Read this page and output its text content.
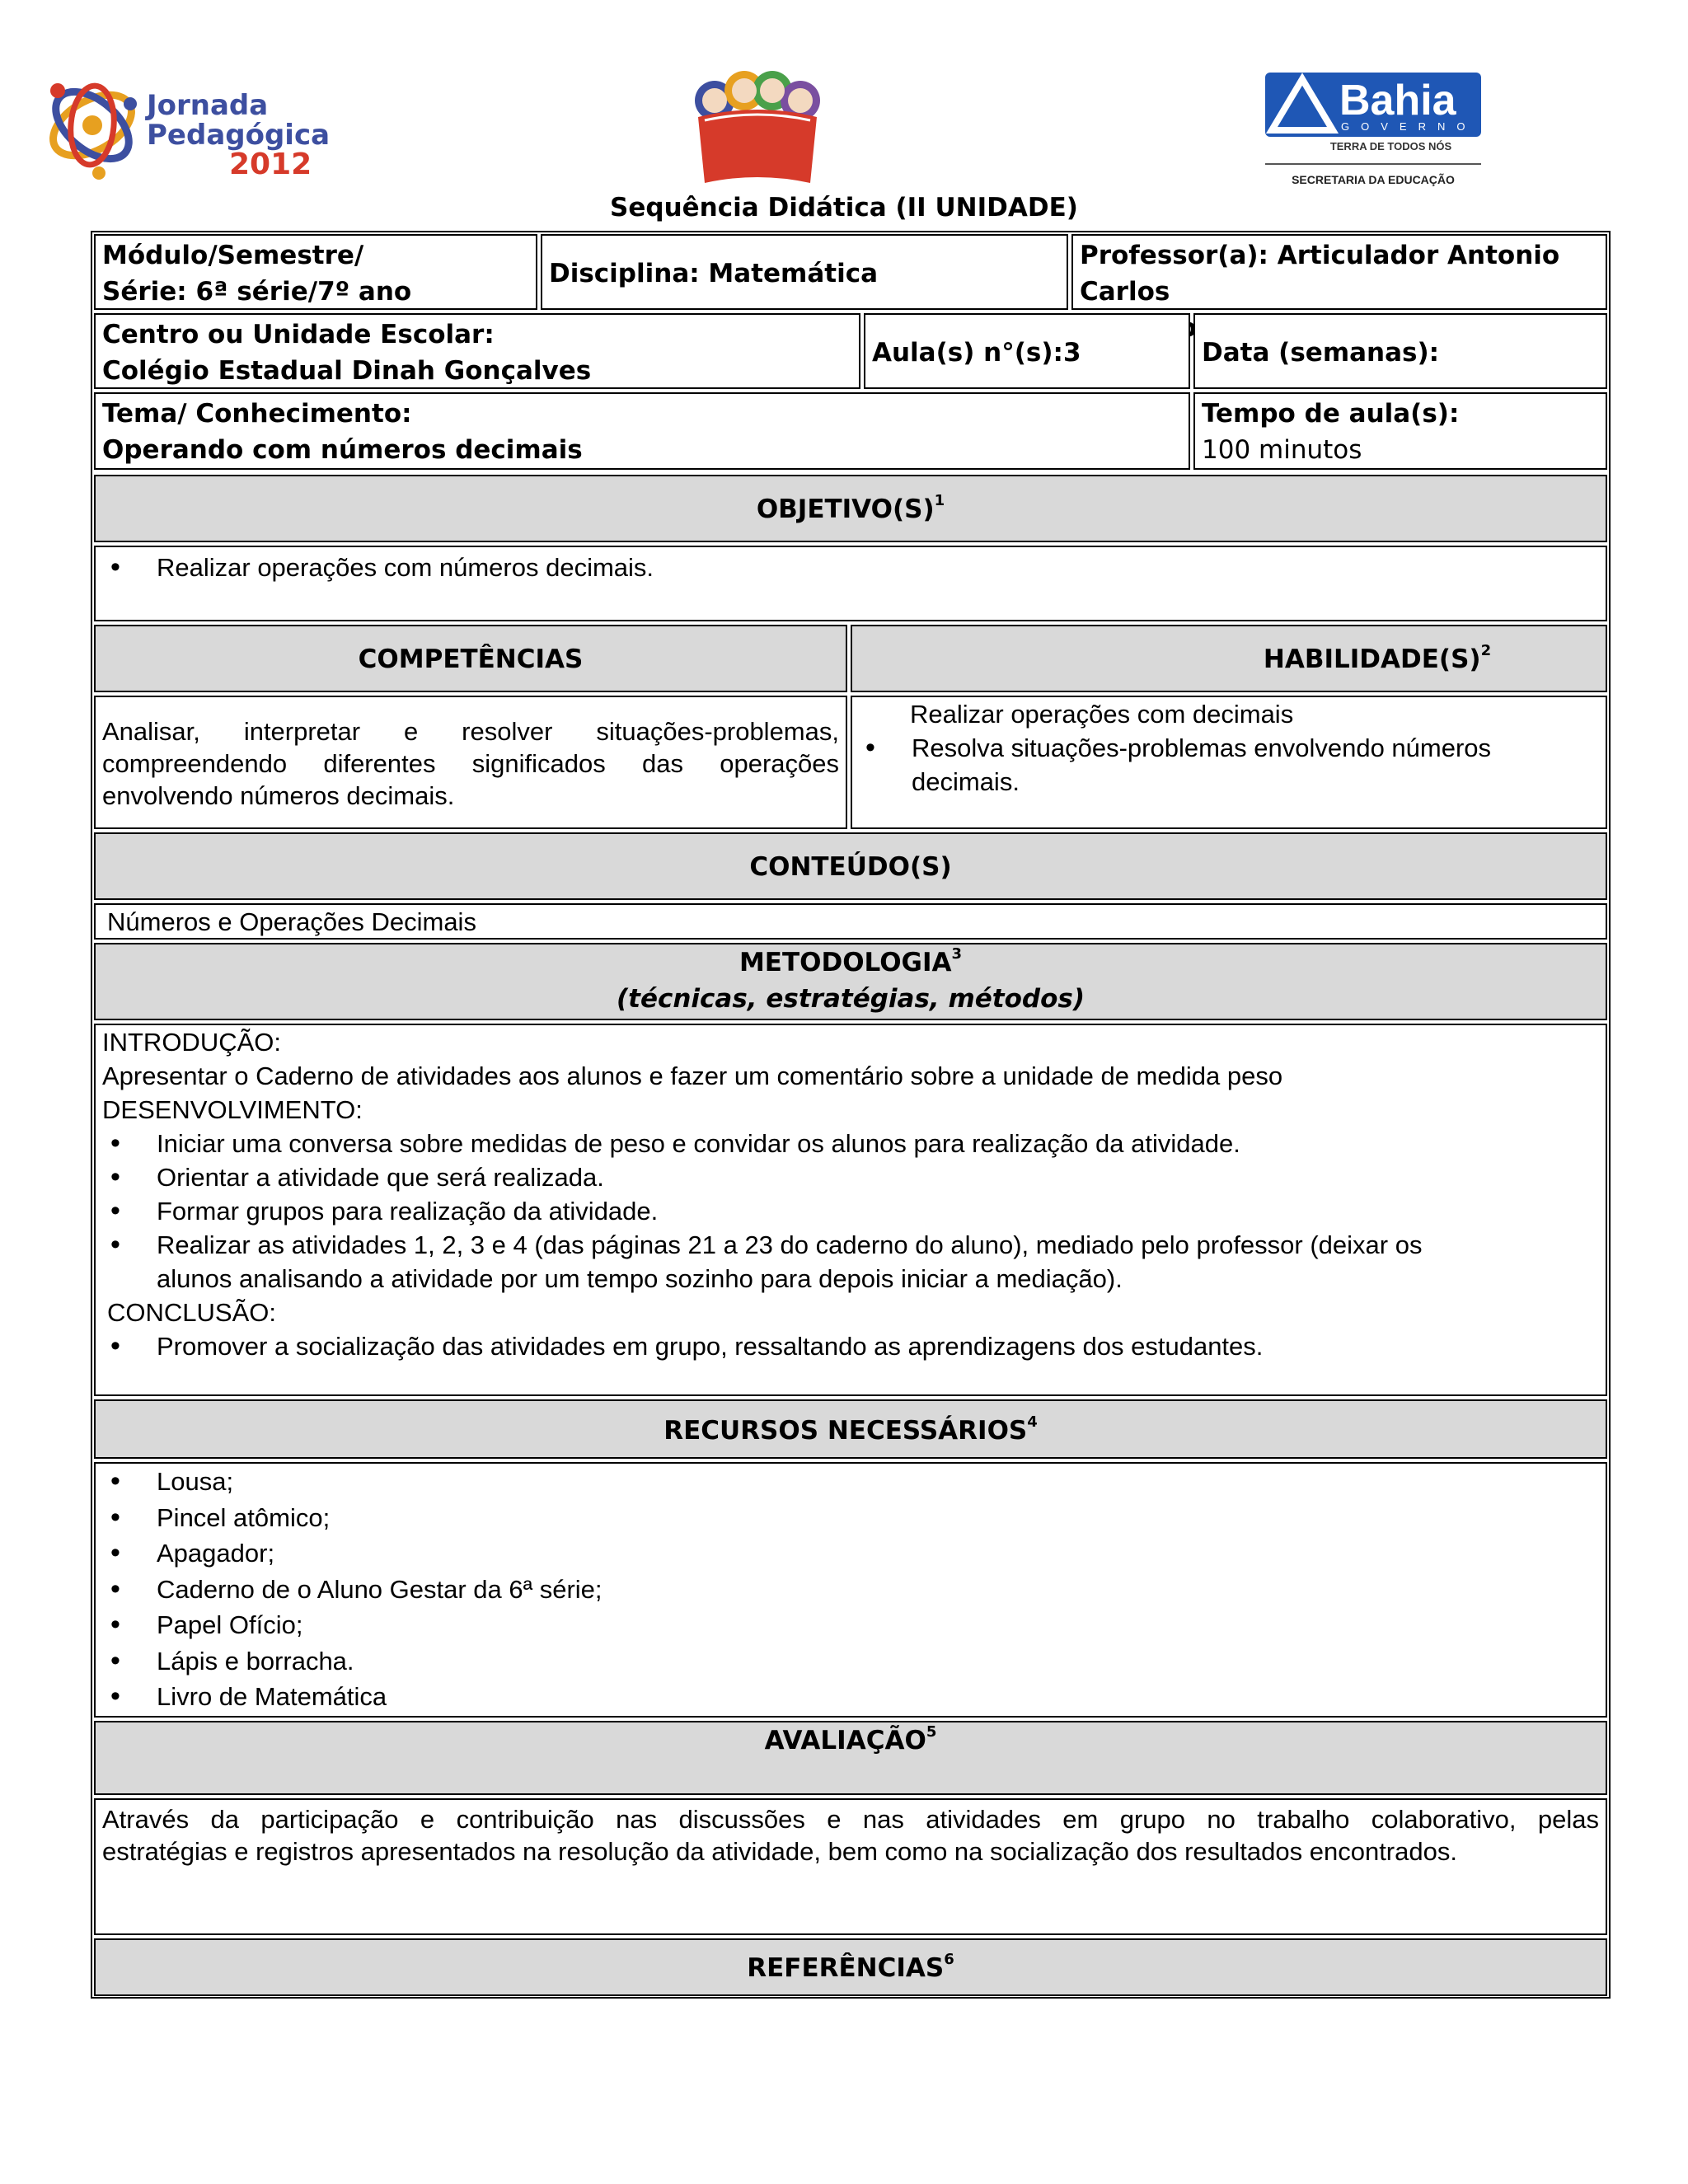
Jornada
Pedagógica
2012
Bahia
GOVERNO
TERRA DE TODOS NÓS
SECRETARIA DA EDUCAÇÃO
Sequência Didática (II UNIDADE)
Módulo/Semestre/
Série: 6ª série/7º ano
Disciplina: Matemática
Professor(a): Articulador Antonio Carlos
Centro ou Unidade Escolar:
Colégio Estadual Dinah Gonçalves
Aula(s) n°(s):3	Data (semanas):
Tema/ Conhecimento:
Operando com números decimais
Tempo de aula(s):
100 minutos
$OBJETIVO(S)^1$
• Realizar operações com números decimais.
COMPETÊNCIAS	$HABILIDADE(S)^2$
Analisar, interpretar e resolver situações-problemas,
compreendendo diferentes significados das operações
envolvendo números decimais.
Realizar operações com decimais
• Resolva situações-problemas envolvendo números
decimais.
CONTEÚDO(S)
Números e Operações Decimais
METODOLOGIA$^3$
(técnicas, estratégias, métodos)
INTRODUÇÃO:
Apresentar o Caderno de atividades aos alunos e fazer um comentário sobre a unidade de medida peso
DESENVOLVIMENTO:
• Iniciar uma conversa sobre medidas de peso e convidar os alunos para realização da atividade.
• Orientar a atividade que será realizada.
• Formar grupos para realização da atividade.
• Realizar as atividades 1, 2, 3 e 4 (das páginas 21 a 23 do caderno do aluno), mediado pelo professor (deixar os alunos analisando a atividade por um tempo sozinho para depois iniciar a mediação).
CONCLUSÃO:
• Promover a socialização das atividades em grupo, ressaltando as aprendizagens dos estudantes.
RECURSOS NECESSÁRIOS$^4$
• Lousa;
• Pincel atômico;
• Apagador;
• Caderno de o Aluno Gestar da 6ª série;
• Papel Ofício;
• Lápis e borracha.
• Livro de Matemática
AVALIAÇÃO$^5$
Através da participação e contribuição nas discussões e nas atividades em grupo no trabalho colaborativo, pelas
estratégias e registros apresentados na resolução da atividade, bem como na socialização dos resultados encontrados.
REFERÊNCIAS$^6$
